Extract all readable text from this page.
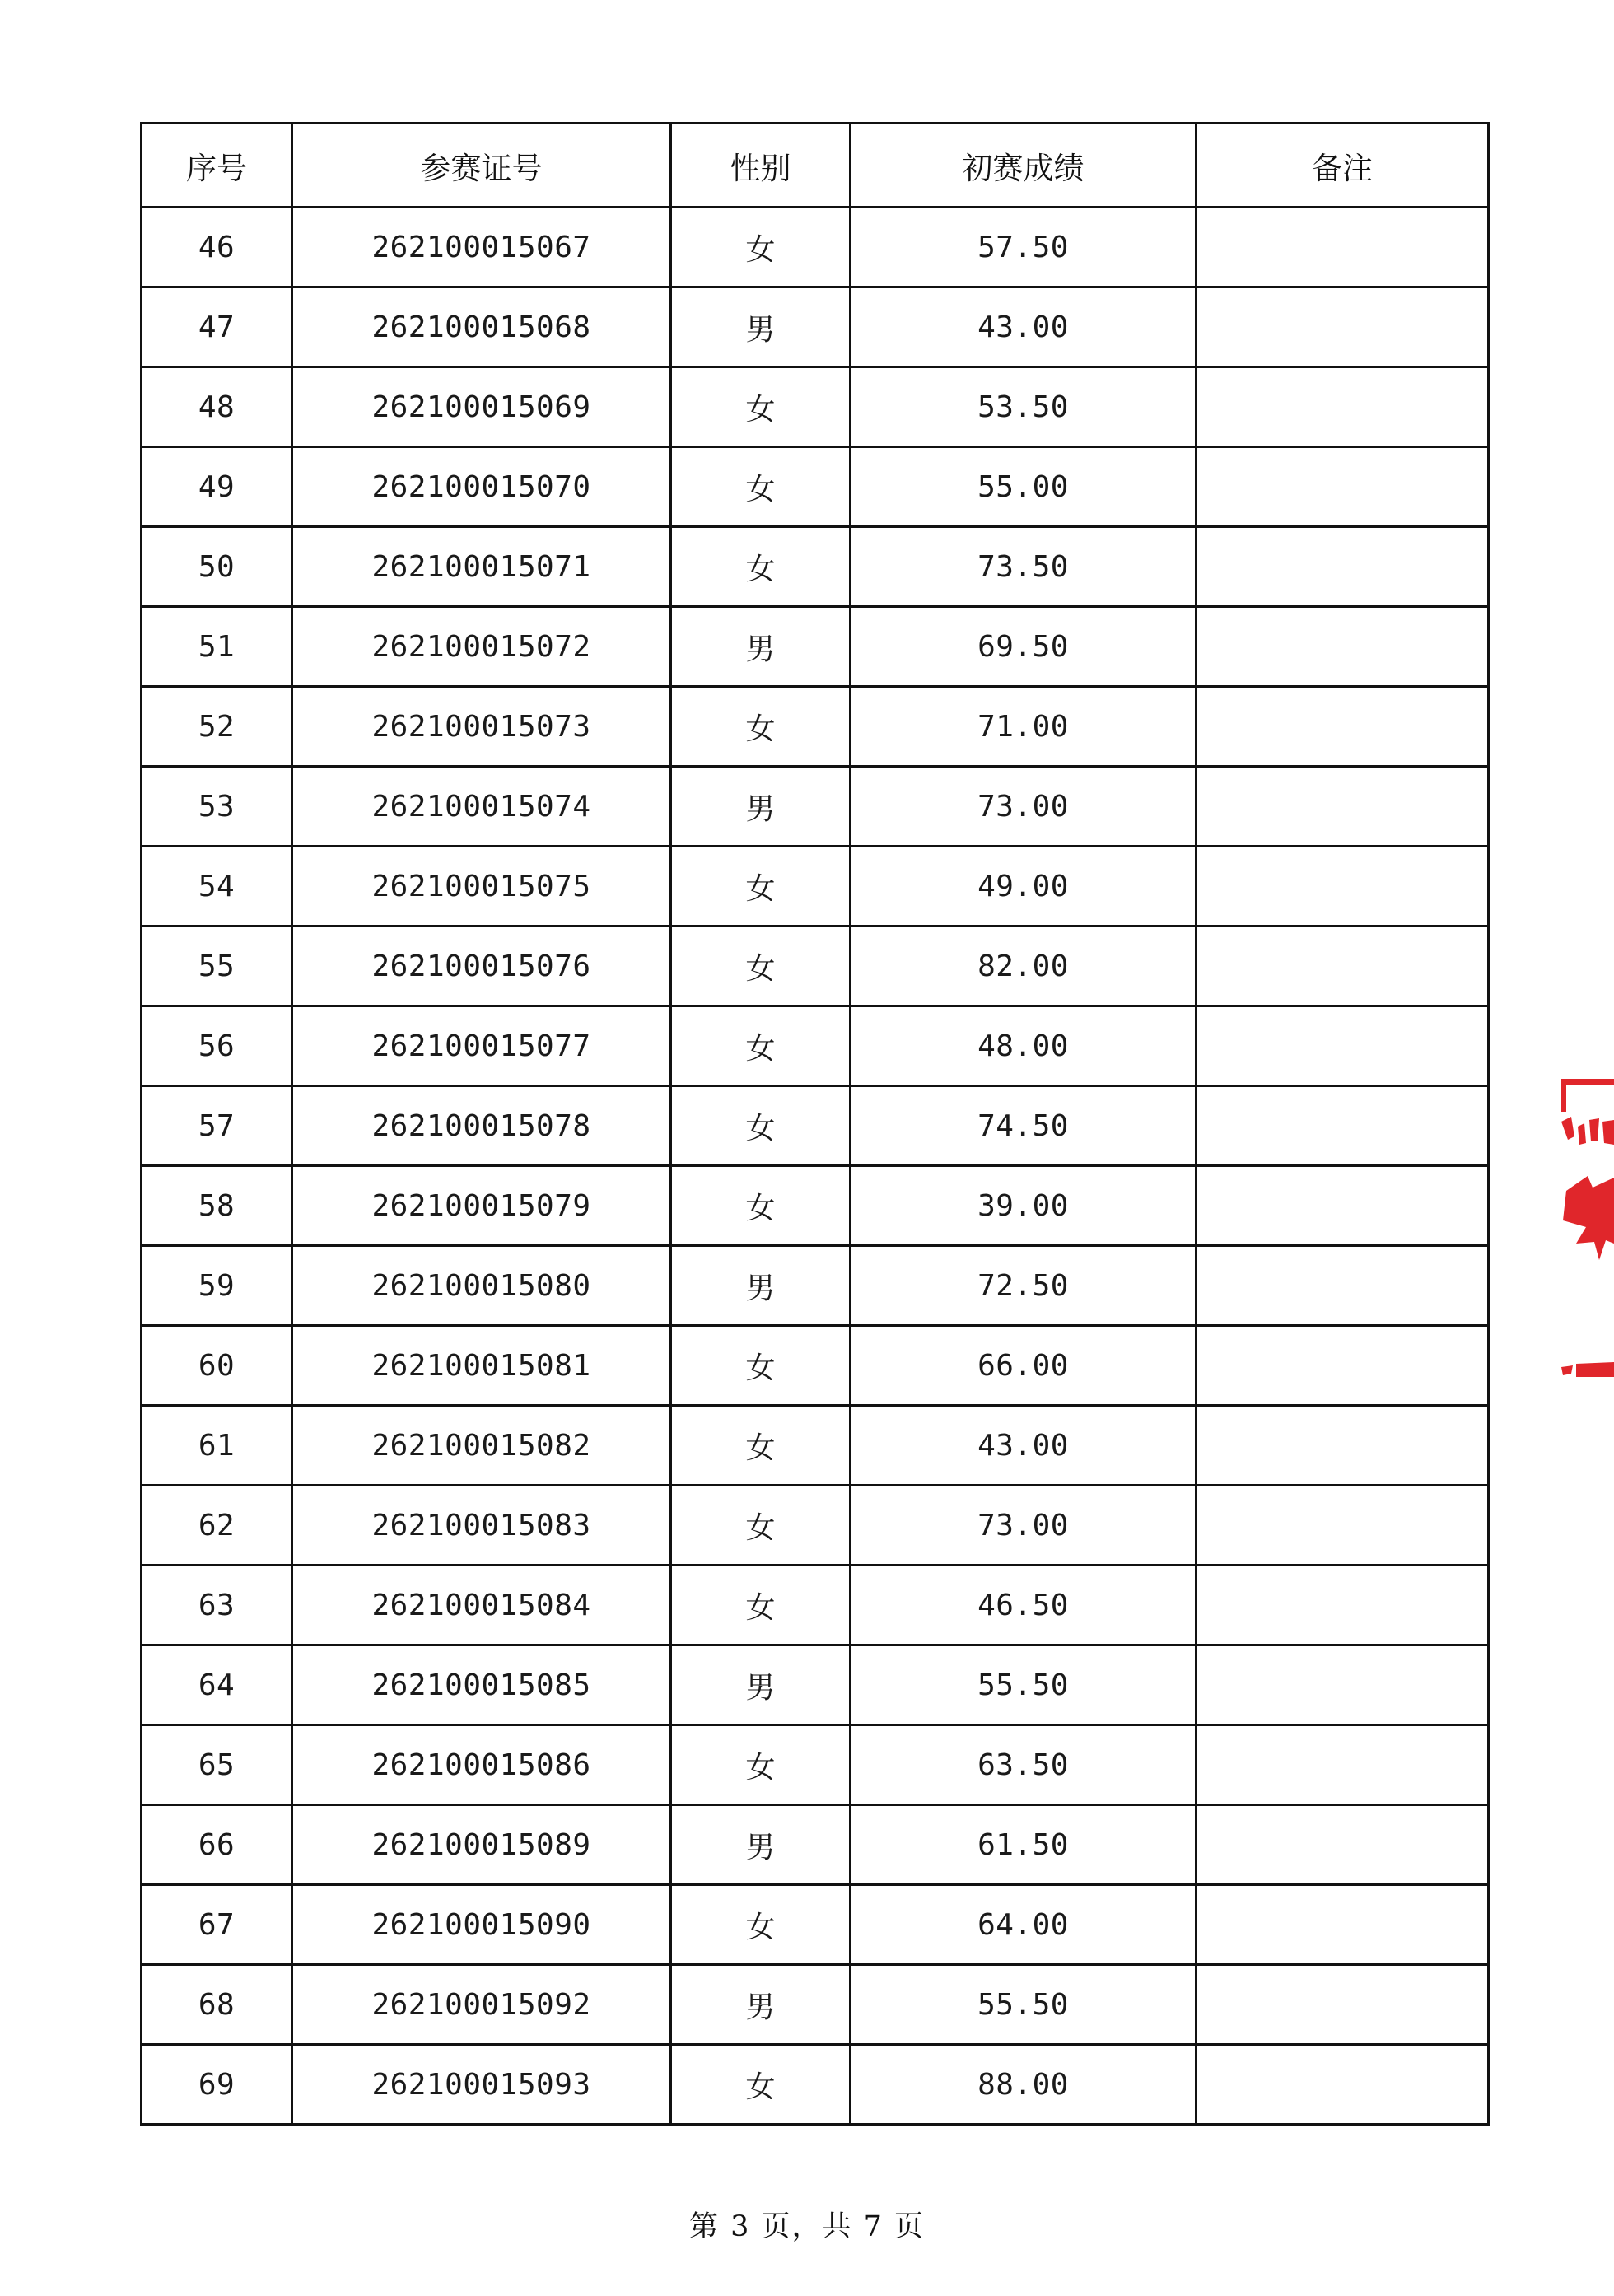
序号	参赛证号	性别	初赛成绩	备注
46	262100015067	女	57.50	
47	262100015068	男	43.00	
48	262100015069	女	53.50	
49	262100015070	女	55.00	
50	262100015071	女	73.50	
51	262100015072	男	69.50	
52	262100015073	女	71.00	
53	262100015074	男	73.00	
54	262100015075	女	49.00	
55	262100015076	女	82.00	
56	262100015077	女	48.00	
57	262100015078	女	74.50	
58	262100015079	女	39.00	
59	262100015080	男	72.50	
60	262100015081	女	66.00	
61	262100015082	女	43.00	
62	262100015083	女	73.00	
63	262100015084	女	46.50	
64	262100015085	男	55.50	
65	262100015086	女	63.50	
66	262100015089	男	61.50	
67	262100015090	女	64.00	
68	262100015092	男	55.50	
69	262100015093	女	88.00	
第 3 页，共 7 页
